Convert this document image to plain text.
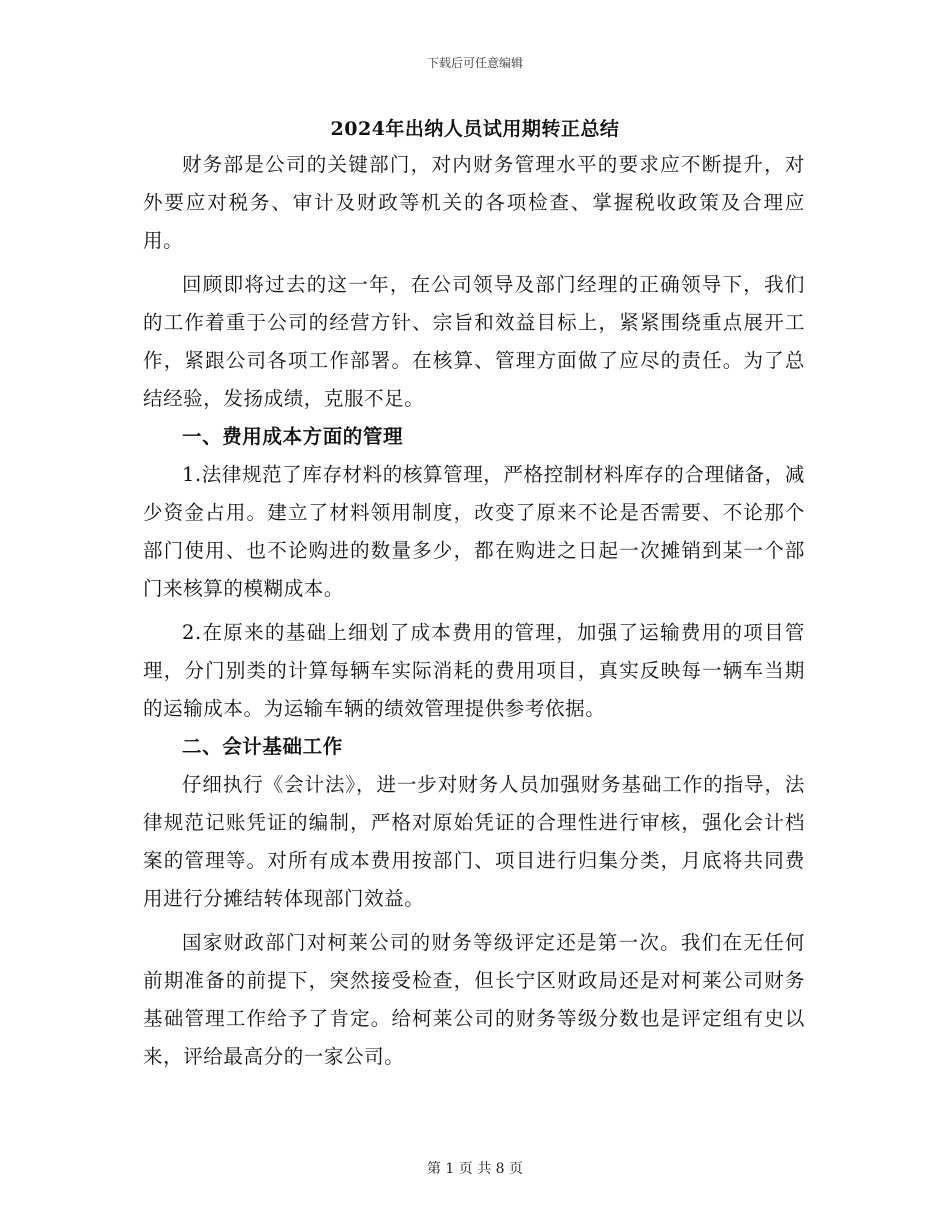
下载后可任意编辑
2024年出纳人员试用期转正总结

财务部是公司的关键部门，对内财务管理水平的要求应不断提升，对外要应对税务、审计及财政等机关的各项检查、掌握税收政策及合理应用。

回顾即将过去的这一年，在公司领导及部门经理的正确领导下，我们的工作着重于公司的经营方针、宗旨和效益目标上，紧紧围绕重点展开工作，紧跟公司各项工作部署。在核算、管理方面做了应尽的责任。为了总结经验，发扬成绩，克服不足。

一、费用成本方面的管理

1.法律规范了库存材料的核算管理，严格控制材料库存的合理储备，减少资金占用。建立了材料领用制度，改变了原来不论是否需要、不论那个部门使用、也不论购进的数量多少，都在购进之日起一次摊销到某一个部门来核算的模糊成本。

2.在原来的基础上细划了成本费用的管理，加强了运输费用的项目管理，分门别类的计算每辆车实际消耗的费用项目，真实反映每一辆车当期的运输成本。为运输车辆的绩效管理提供参考依据。

二、会计基础工作

仔细执行《会计法》，进一步对财务人员加强财务基础工作的指导，法律规范记账凭证的编制，严格对原始凭证的合理性进行审核，强化会计档案的管理等。对所有成本费用按部门、项目进行归集分类，月底将共同费用进行分摊结转体现部门效益。

国家财政部门对柯莱公司的财务等级评定还是第一次。我们在无任何前期准备的前提下，突然接受检查，但长宁区财政局还是对柯莱公司财务基础管理工作给予了肯定。给柯莱公司的财务等级分数也是评定组有史以来，评给最高分的一家公司。

第 1 页 共 8 页
